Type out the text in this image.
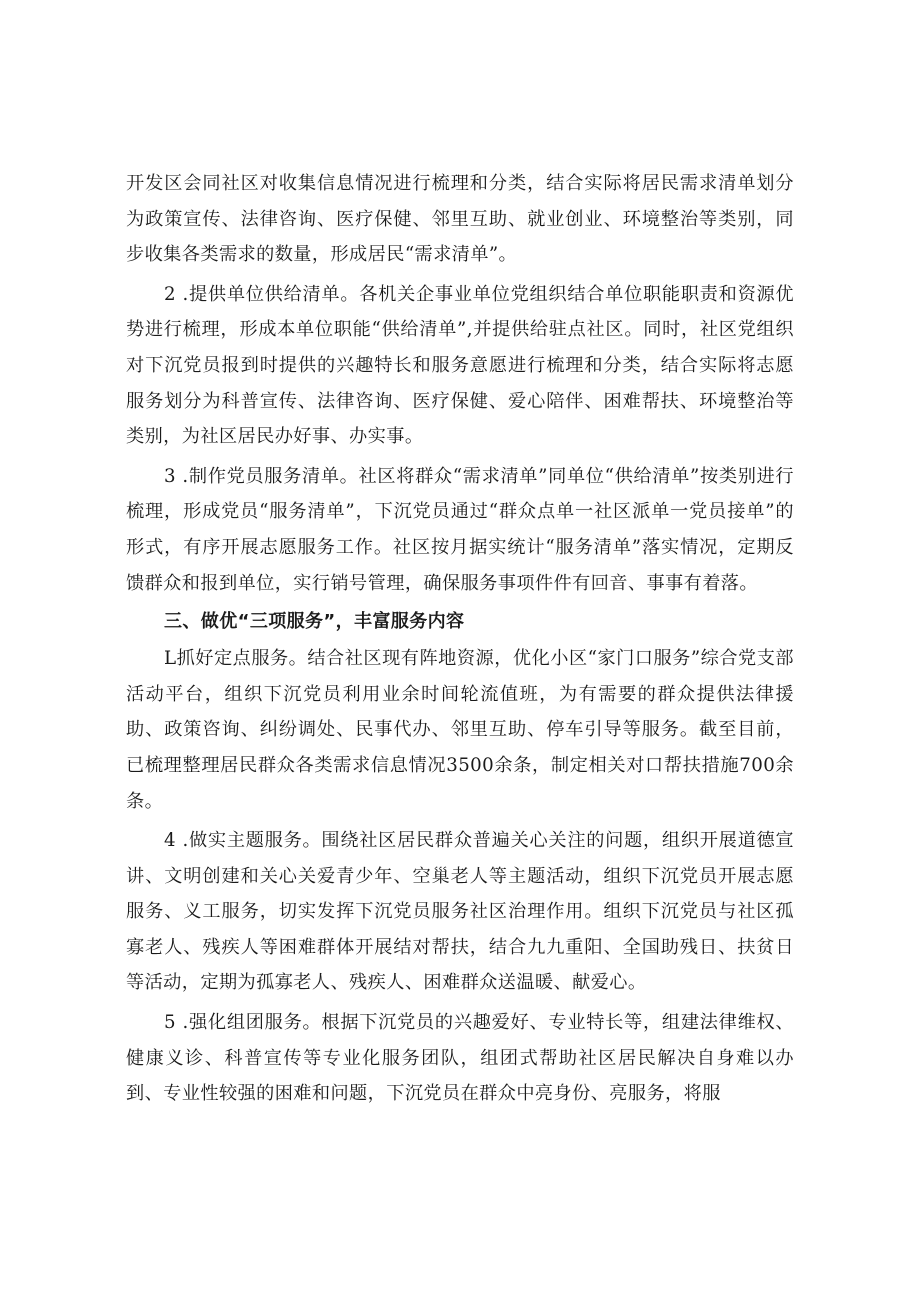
开发区会同社区对收集信息情况进行梳理和分类，结合实际将居民需求清单划分为政策宣传、法律咨询、医疗保健、邻里互助、就业创业、环境整治等类别，同步收集各类需求的数量，形成居民“需求清单”。

2 .提供单位供给清单。各机关企事业单位党组织结合单位职能职责和资源优势进行梳理，形成本单位职能“供给清单”,并提供给驻点社区。同时，社区党组织对下沉党员报到时提供的兴趣特长和服务意愿进行梳理和分类，结合实际将志愿服务划分为科普宣传、法律咨询、医疗保健、爱心陪伴、困难帮扶、环境整治等类别，为社区居民办好事、办实事。

3 .制作党员服务清单。社区将群众“需求清单”同单位“供给清单”按类别进行梳理，形成党员“服务清单”，下沉党员通过“群众点单一社区派单一党员接单”的形式，有序开展志愿服务工作。社区按月据实统计“服务清单”落实情况，定期反馈群众和报到单位，实行销号管理，确保服务事项件件有回音、事事有着落。

三、做优“三项服务”，丰富服务内容

L抓好定点服务。结合社区现有阵地资源，优化小区“家门口服务”综合党支部活动平台，组织下沉党员利用业余时间轮流值班，为有需要的群众提供法律援助、政策咨询、纠纷调处、民事代办、邻里互助、停车引导等服务。截至目前，已梳理整理居民群众各类需求信息情况3500余条，制定相关对口帮扶措施700余条。

4 .做实主题服务。围绕社区居民群众普遍关心关注的问题，组织开展道德宣讲、文明创建和关心关爱青少年、空巢老人等主题活动，组织下沉党员开展志愿服务、义工服务，切实发挥下沉党员服务社区治理作用。组织下沉党员与社区孤寡老人、残疾人等困难群体开展结对帮扶，结合九九重阳、全国助残日、扶贫日等活动，定期为孤寡老人、残疾人、困难群众送温暖、献爱心。

5 .强化组团服务。根据下沉党员的兴趣爱好、专业特长等，组建法律维权、健康义诊、科普宣传等专业化服务团队，组团式帮助社区居民解决自身难以办到、专业性较强的困难和问题，下沉党员在群众中亮身份、亮服务，将服
